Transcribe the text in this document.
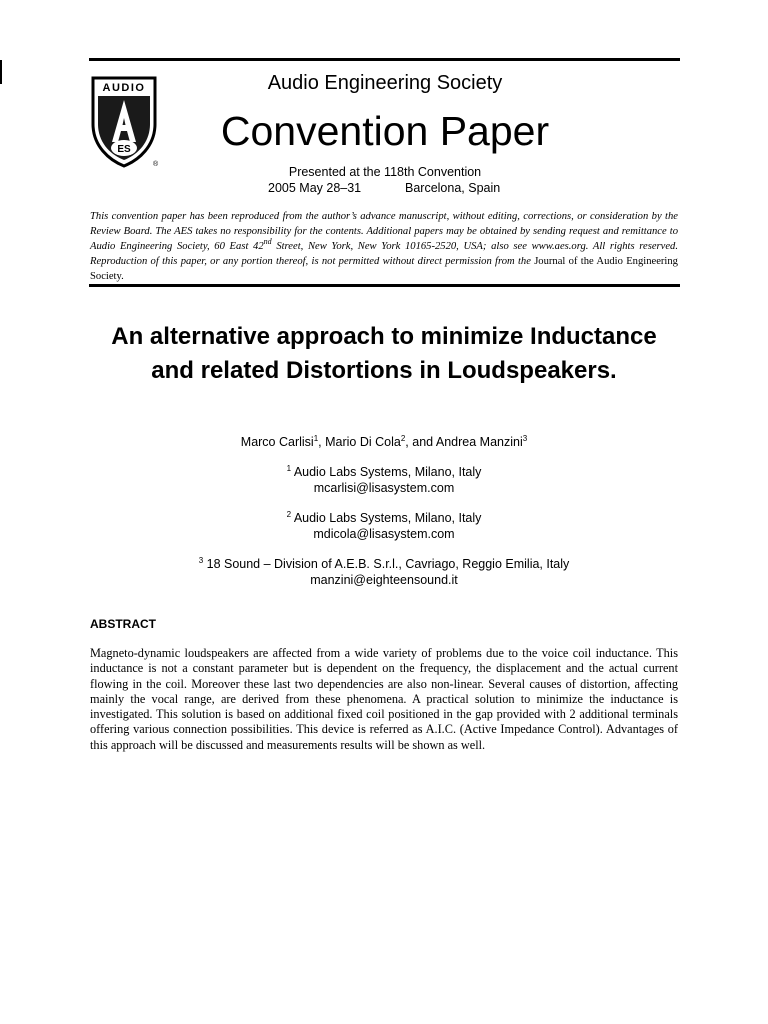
AUDIO
ES
®
Audio Engineering Society
Convention Paper
Presented at the 118th Convention
2005 May 28–31	Barcelona, Spain
This convention paper has been reproduced from the author’s advance manuscript, without editing, corrections, or consideration by the Review Board. The AES takes no responsibility for the contents. Additional papers may be obtained by sending request and remittance to Audio Engineering Society, 60 East 42nd Street, New York, New York 10165-2520, USA; also see www.aes.org. All rights reserved. Reproduction of this paper, or any portion thereof, is not permitted without direct permission from the Journal of the Audio Engineering Society.
An alternative approach to minimize Inductance and related Distortions in Loudspeakers.
Marco Carlisi$^1$, Mario Di Cola$^2$, and Andrea Manzini$^3$
$^1$ Audio Labs Systems, Milano, Italy
mcarlisi@lisasystem.com
$^2$ Audio Labs Systems, Milano, Italy
mdicola@lisasystem.com
$^3$ 18 Sound – Division of A.E.B. S.r.l., Cavriago, Reggio Emilia, Italy
manzini@eighteensound.it
ABSTRACT
Magneto-dynamic loudspeakers are affected from a wide variety of problems due to the voice coil inductance. This inductance is not a constant parameter but is dependent on the frequency, the displacement and the actual current flowing in the coil. Moreover these last two dependencies are also non-linear. Several causes of distortion, affecting mainly the vocal range, are derived from these phenomena. A practical solution to minimize the inductance is investigated. This solution is based on additional fixed coil positioned in the gap provided with 2 additional terminals offering various connection possibilities. This device is referred as A.I.C. (Active Impedance Control). Advantages of this approach will be discussed and measurements results will be shown as well.
